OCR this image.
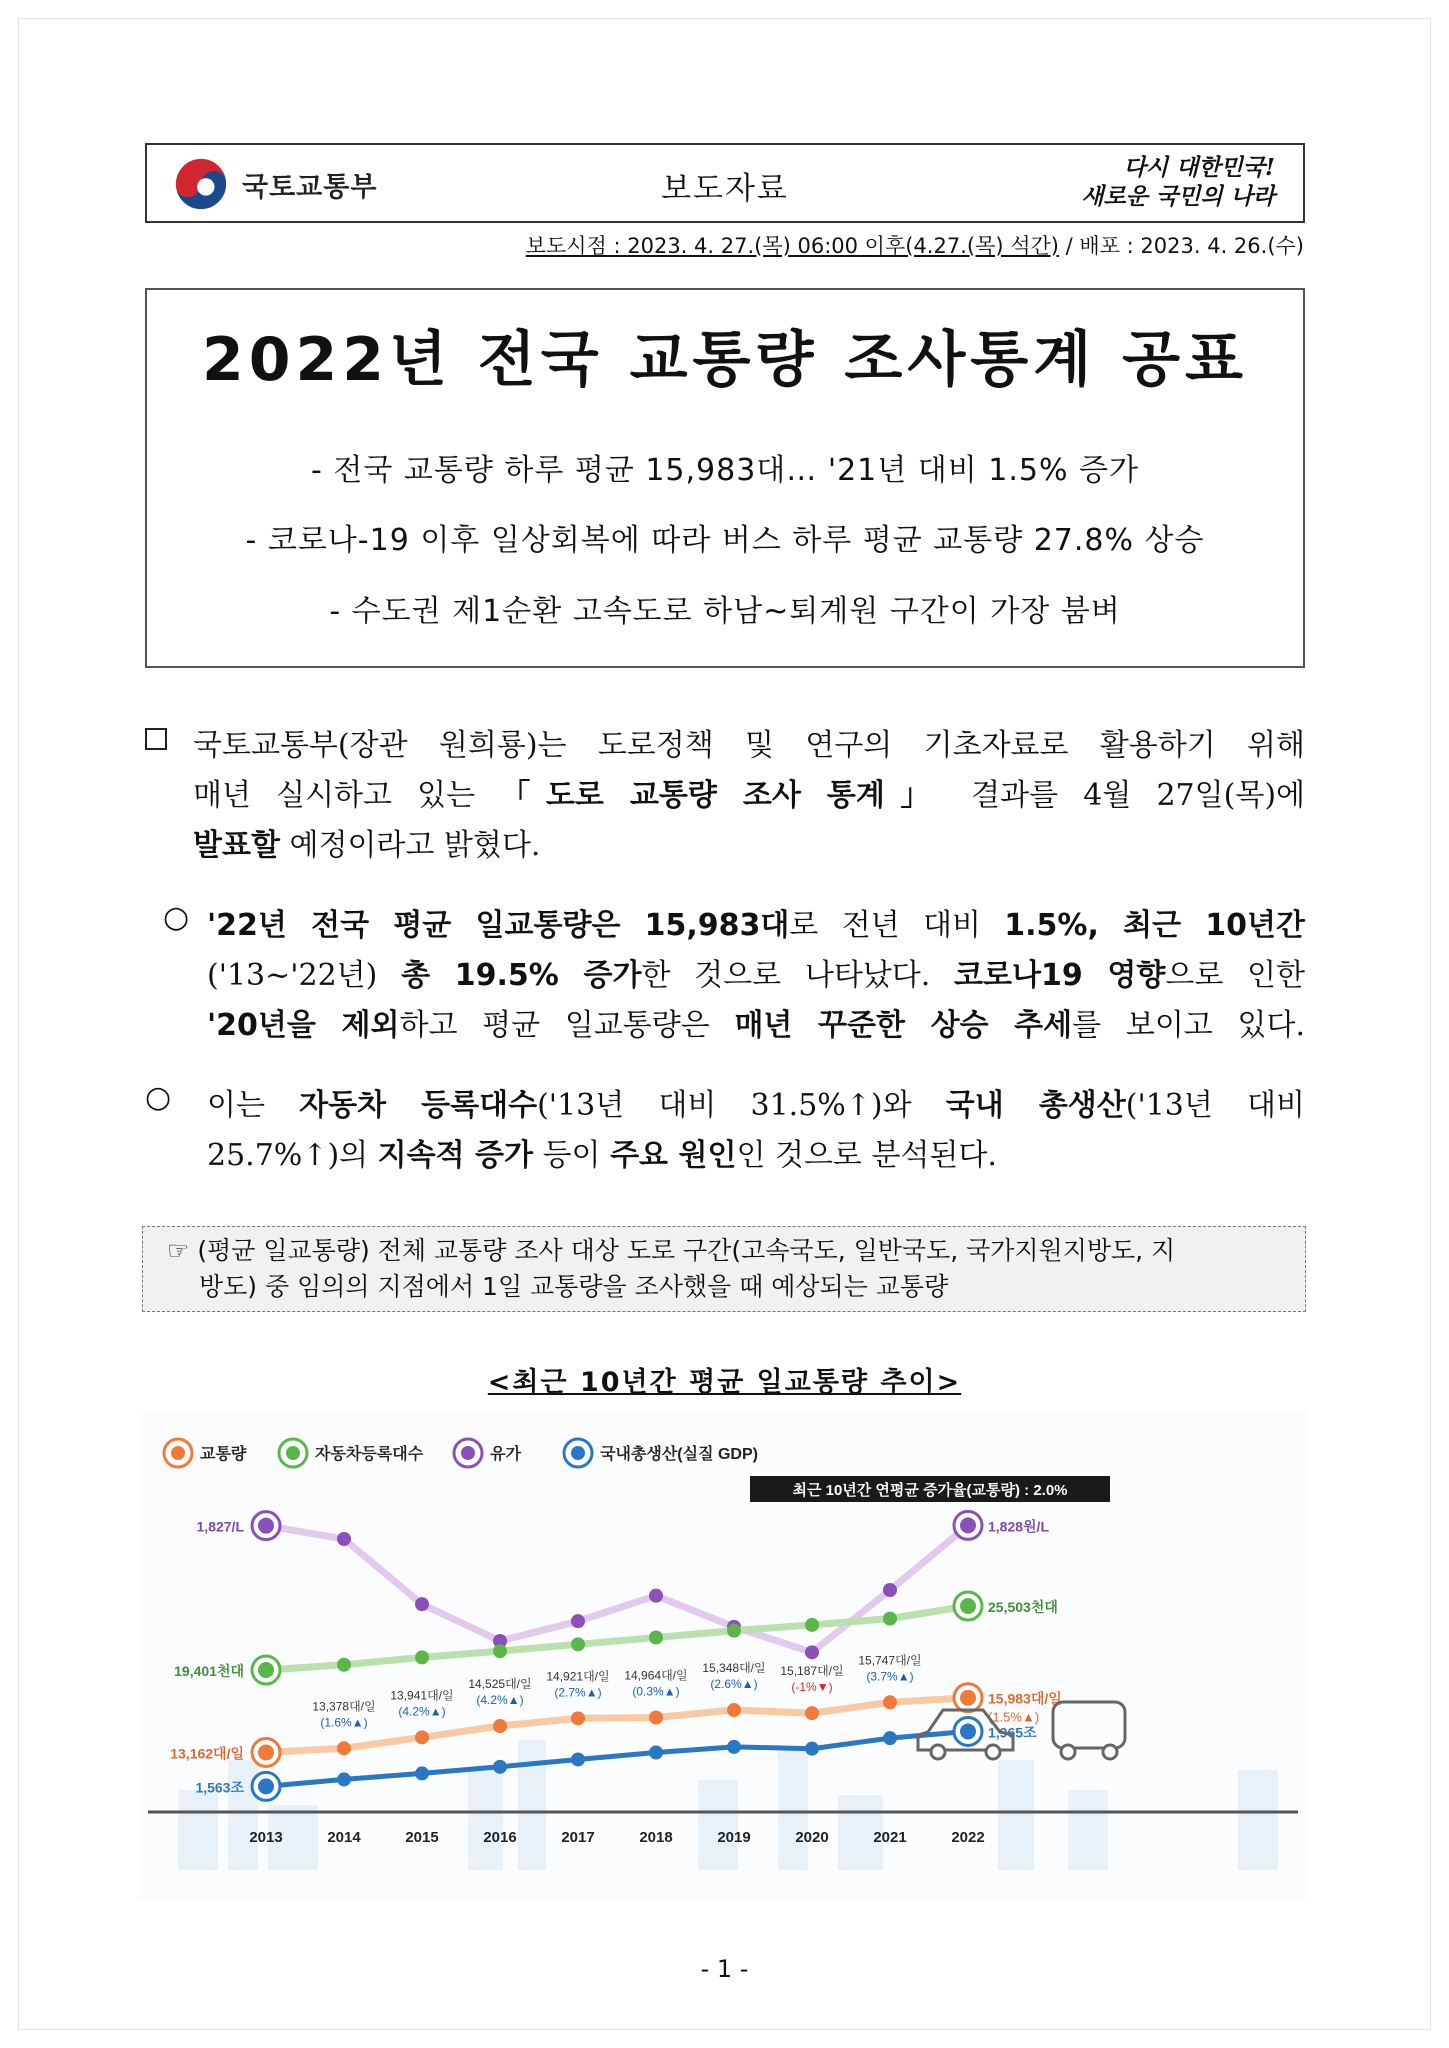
국토교통부	보도자료
다시 대한민국!
새로운 국민의 나라
보도시점 : 2023. 4. 27.(목) 06:00 이후(4.27.(목) 석간) / 배포 : 2023. 4. 26.(수)
2022년 전국 교통량 조사통계 공표
- 전국 교통량 하루 평균 15,983대… '21년 대비 1.5% 증가
- 코로나-19 이후 일상회복에 따라 버스 하루 평균 교통량 27.8% 상승
- 수도권 제1순환 고속도로 하남~퇴계원 구간이 가장 붐벼
국토교통부(장관 원희룡)는 도로정책 및 연구의 기초자료로 활용하기 위해
매년 실시하고 있는 「도로 교통량 조사 통계」 결과를 4월 27일(목)에
발표할 예정이라고 밝혔다.
○ '22년 전국 평균 일교통량은 15,983대로 전년 대비 1.5%, 최근 10년간
('13~'22년) 총 19.5% 증가한 것으로 나타났다. 코로나19 영향으로 인한
'20년을 제외하고 평균 일교통량은 매년 꾸준한 상승 추세를 보이고 있다.
○ 이는 자동차 등록대수('13년 대비 31.5%↑)와 국내 총생산('13년 대비
25.7%↑)의 지속적 증가 등이 주요 원인인 것으로 분석된다.
☞ (평균 일교통량) 전체 교통량 조사 대상 도로 구간(고속국도, 일반국도, 국가지원지방도, 지
방도) 중 임의의 지점에서 1일 교통량을 조사했을 때 예상되는 교통량
<최근 10년간 평균 일교통량 추이>
1,827/L	1,828원/L
19,401천대
25,503천대
13,162대/일
15,983대/일
(1.5%▲)
13,378대/일
(1.6%▲)
13,941대/일
(4.2%▲)
14,525대/일
(4.2%▲)
14,921대/일
(2.7%▲)
14,964대/일
(0.3%▲)
15,348대/일
(2.6%▲)
15,187대/일
(-1%▼)
15,747대/일
(3.7%▲)
1,563조
1,965조
2013	2014	2015	2016	2017	2018	2019	2020	2021	2022
교통량	자동차등록대수	유가	국내총생산(실질 GDP)
최근 10년간 연평균 증가율(교통량) : 2.0%
- 1 -
